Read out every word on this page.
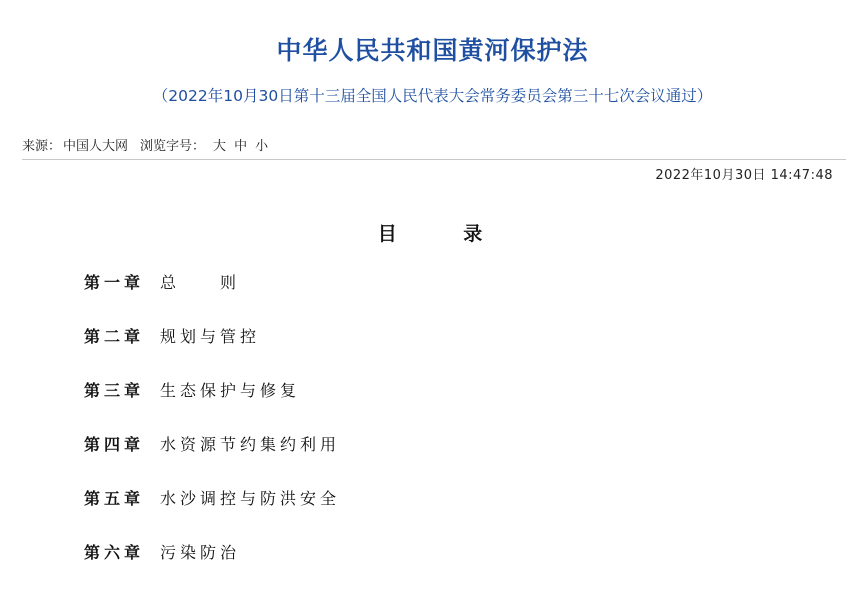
中华人民共和国黄河保护法

（2022年10月30日第十三届全国人民代表大会常务委员会第三十七次会议通过）

来源： 中国人大网 浏览字号： 大 中 小
2022年10月30日 14:47:48
目 录
第一章 总　　则
第二章 规划与管控
第三章 生态保护与修复
第四章 水资源节约集约利用
第五章 水沙调控与防洪安全
第六章 污染防治
